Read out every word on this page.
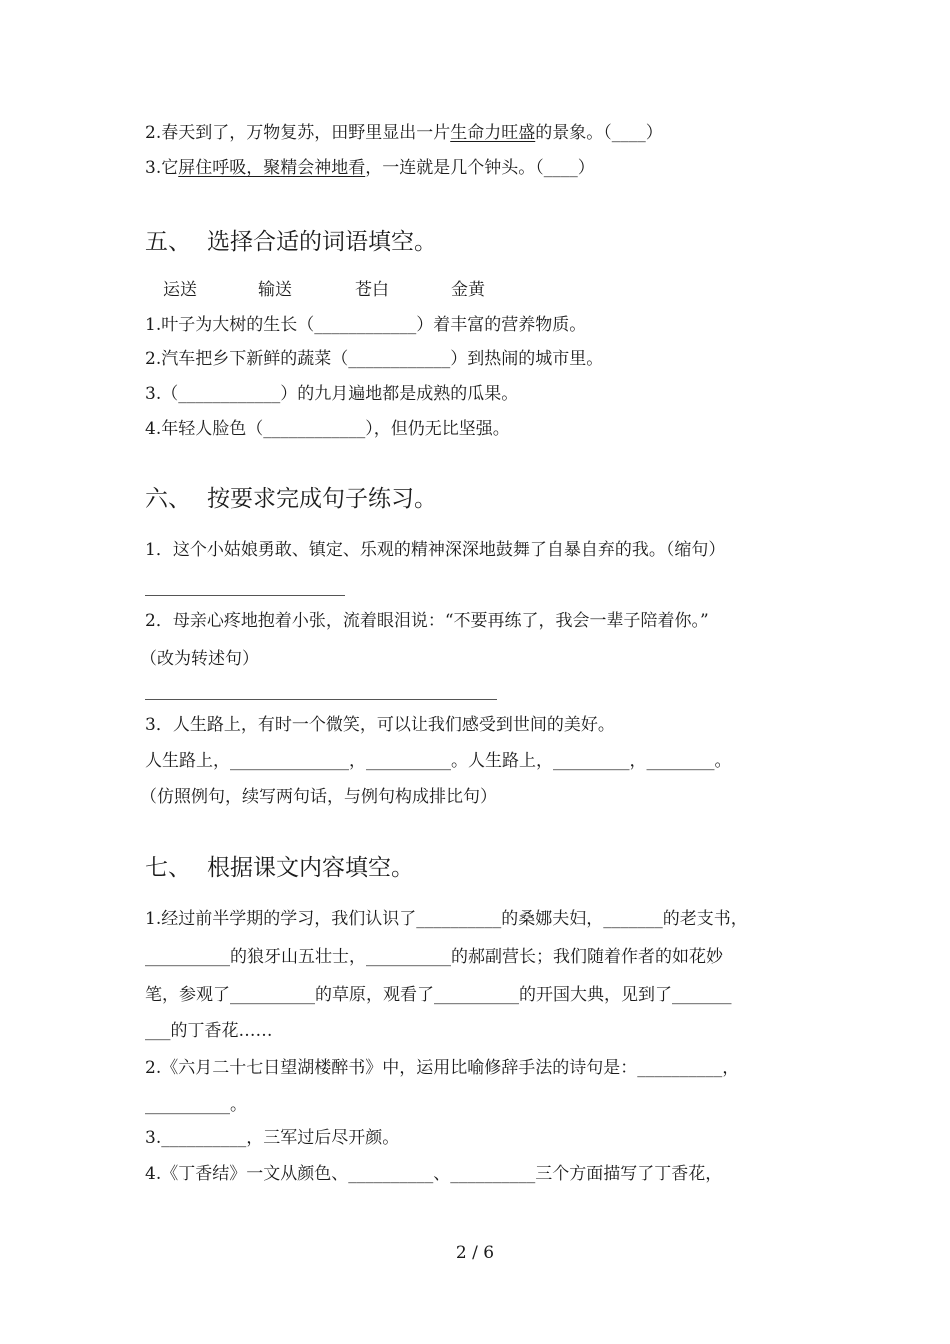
2.春天到了，万物复苏，田野里显出一片生命力旺盛的景象。（____）
3.它屏住呼吸，聚精会神地看，一连就是几个钟头。（____）
五、 选择合适的词语填空。
运送	输送	苍白	金黄
1.叶子为大树的生长（____________）着丰富的营养物质。
2.汽车把乡下新鲜的蔬菜（____________）到热闹的城市里。
3.（____________）的九月遍地都是成熟的瓜果。
4.年轻人脸色（____________），但仍无比坚强。
六、 按要求完成句子练习。
1．这个小姑娘勇敢、镇定、乐观的精神深深地鼓舞了自暴自弃的我。（缩句）
2．母亲心疼地抱着小张，流着眼泪说：“不要再练了，我会一辈子陪着你。”
（改为转述句）
3．人生路上，有时一个微笑，可以让我们感受到世间的美好。
人生路上，______________，__________。人生路上，_________，________。
（仿照例句，续写两句话，与例句构成排比句）
七、 根据课文内容填空。
1.经过前半学期的学习，我们认识了__________的桑娜夫妇，_______的老支书，
__________的狼牙山五壮士，__________的郝副营长；我们随着作者的如花妙
笔，参观了__________的草原，观看了__________的开国大典，见到了_______
___的丁香花……
2.《六月二十七日望湖楼醉书》中，运用比喻修辞手法的诗句是：__________，
__________。
3.__________，三军过后尽开颜。
4.《丁香结》一文从颜色、__________、__________三个方面描写了丁香花，
2 / 6
